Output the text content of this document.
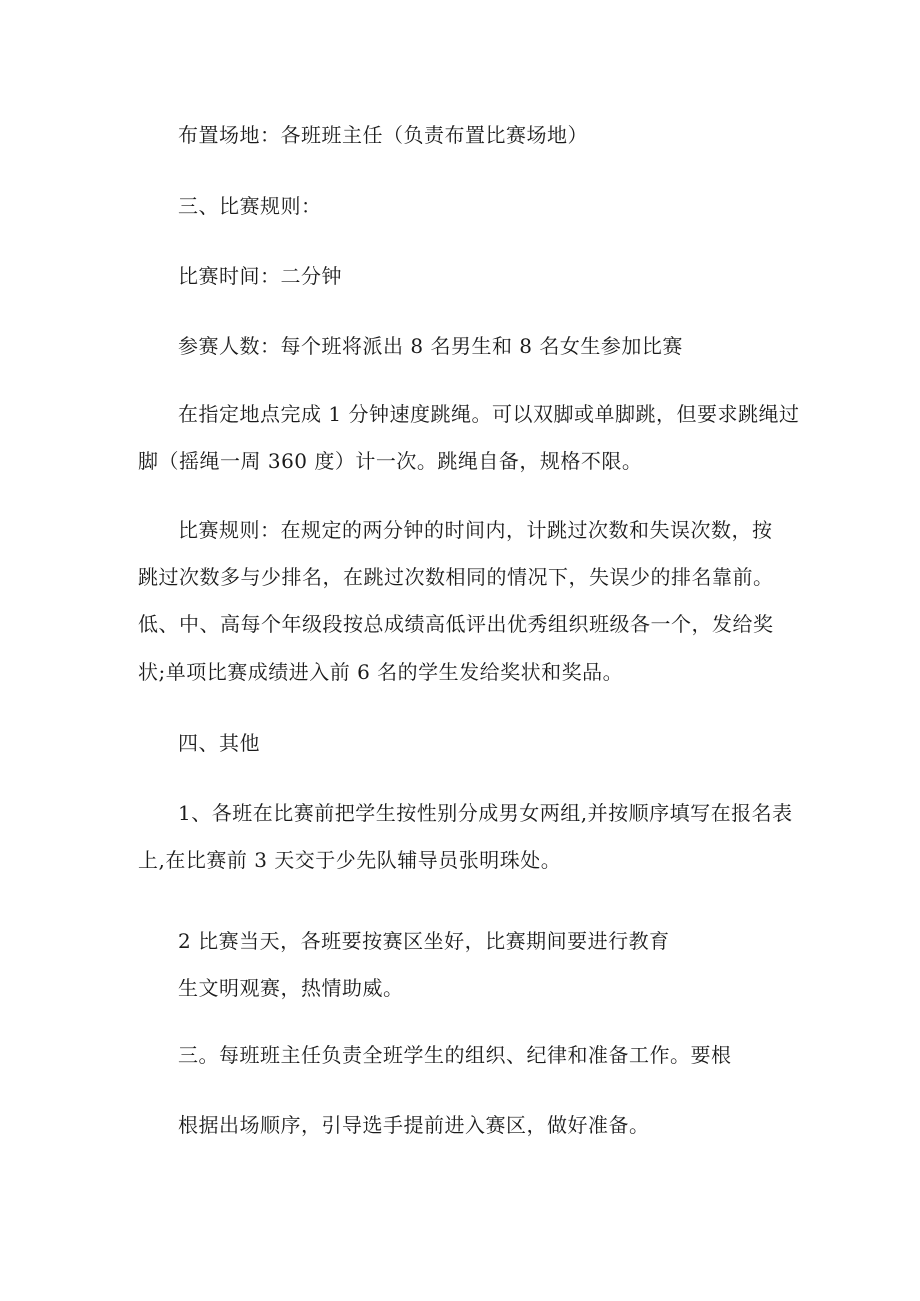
布置场地：各班班主任（负责布置比赛场地）
三、比赛规则：
比赛时间：二分钟
参赛人数：每个班将派出 8 名男生和 8 名女生参加比赛
在指定地点完成 1 分钟速度跳绳。可以双脚或单脚跳，但要求跳绳过
脚（摇绳一周 360 度）计一次。跳绳自备，规格不限。
比赛规则：在规定的两分钟的时间内，计跳过次数和失误次数，按
跳过次数多与少排名，在跳过次数相同的情况下，失误少的排名靠前。
低、中、高每个年级段按总成绩高低评出优秀组织班级各一个，发给奖
状;单项比赛成绩进入前 6 名的学生发给奖状和奖品。
四、其他
1、各班在比赛前把学生按性别分成男女两组,并按顺序填写在报名表
上,在比赛前 3 天交于少先队辅导员张明珠处。
2 比赛当天，各班要按赛区坐好，比赛期间要进行教育
生文明观赛，热情助威。
三。每班班主任负责全班学生的组织、纪律和准备工作。要根
根据出场顺序，引导选手提前进入赛区，做好准备。
